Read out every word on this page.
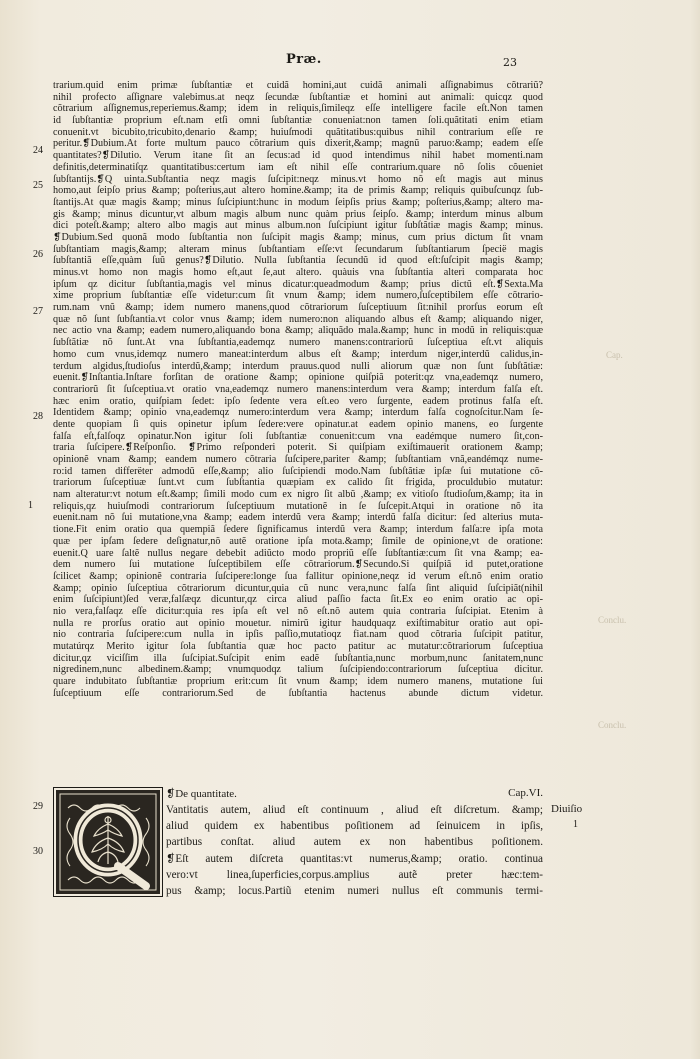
Præ.	23
24
25
26
27
28
1
29
30
Cap.
Conclu.
Conclu.
trarium.quid enim primæ ſubſtantiæ et cuidã homini,aut cuidã animali aſſignabimus cõtrariũ?
nihil profecto aſſignare valebimus.at neqz ſecundæ ſubſtantiæ et homini aut animali: quicqz quod
cõtrarium aſſignemus,reperiemus.&amp; idem in reliquis,ſimileqz eſſe intelligere facile eſt.Non tamen
id ſubſtantiæ proprium eſt.nam etſi omni ſubſtantiæ conueniat:non tamen ſoli.quãtitati enim etiam
conuenit.vt bicubito,tricubito,denario &amp; huiuſmodi quãtitatibus:quibus nihil contrarium eſſe re
peritur.❡Dubium.At forte multum pauco cõtrarium quis dixerit,&amp; magnũ paruo:&amp; eadem eſſe
quantitates?❡Dilutio. Verum itane ſit an ſecus:ad id quod intendimus nihil habet momenti.nam
definitis,determinatiſqz quantitatibus:certum iam eſt nihil eſſe contrarium.quare nõ ſolis cõueniet
ſubſtantijs.❡Q uinta.Subſtantia neqz magis ſuſcipit:neqz minus.vt homo nõ eſt magis aut minus
homo,aut ſeipſo prius &amp; poſterius,aut altero homine.&amp; ita de primis &amp; reliquis quibuſcunqz ſub-
ſtantijs.At quæ magis &amp; minus ſuſcipiunt:hunc in modum ſeipſis prius &amp; poſterius,&amp; altero ma-
gis &amp; minus dicuntur,vt album magis album nunc quàm prius ſeipſo. &amp; interdum minus album
dici poteſt.&amp; altero albo magis aut minus album.non ſuſcipiunt igitur ſubſtãtiæ magis &amp; minus.
❡Dubium.Sed quonã modo ſubſtantia non ſuſcipit magis &amp; minus, cum prius dictum ſit vnam
ſubſtantiam magis,&amp; alteram minus ſubſtantiam eſſe:vt ſecundarum ſubſtantiarum ſpecië magis
ſubſtantiã eſſe,quàm ſuũ genus?❡Dilutio. Nulla ſubſtantia ſecundũ id quod eſt:ſuſcipit magis &amp;
minus.vt homo non magis homo eſt,aut ſe,aut altero. quàuis vna ſubſtantia alteri comparata hoc
ipſum qz dicitur ſubſtantia,magis vel minus dicatur:queadmodum &amp; prius dictũ eſt.❡Sexta.Ma
xime proprium ſubſtantiæ eſſe videtur:cum ſit vnum &amp; idem numero,ſuſceptibilem eſſe cõtrario-
rum.nam vnũ &amp; idem numero manens,quod cõtrariorum ſuſceptiuum ſit:nihil prorſus eorum eſt
quæ nõ ſunt ſubſtantia.vt color vnus &amp; idem numero:non aliquando albus eſt &amp; aliquando niger,
nec actio vna &amp; eadem numero,aliquando bona &amp; aliquãdo mala.&amp; hunc in modũ in reliquis:quæ
ſubſtãtiæ nõ ſunt.At vna ſubſtantia,eademqz numero manens:contrariorũ ſuſceptiua eſt.vt aliquis
homo cum vnus,idemqz numero maneat:interdum albus eſt &amp; interdum niger,interdũ calidus,in-
terdum algidus,ſtudioſus interdũ,&amp; interdum prauus.quod nulli aliorum quæ non ſunt ſubſtãtiæ:
euenit.❡Inſtantia.Inſtare forſitan de oratione &amp; opinione quiſpiã poterit:qz vna,eademqz numero,
contrariorũ ſit ſuſceptiua.vt oratio vna,eademqz numero manens:interdum vera &amp; interdum falſa eſt.
hæc enim oratio, quiſpiam ſedet: ipſo ſedente vera eſt.eo vero ſurgente, eadem protinus falſa eſt.
Identidem &amp; opinio vna,eademqz numero:interdum vera &amp; interdum falſa cognoſcitur.Nam ſe-
dente quopiam ſi quis opinetur ipſum ſedere:vere opinatur.at eadem opinio manens, eo ſurgente
falſa eſt,falſoqz opinatur.Non igitur ſoli ſubſtantiæ conuenit:cum vna eadémque numero ſit,con-
traria ſuſcipere.❡Reſponſio. ❡Primo reſponderi poterit. Si quiſpiam exiſtimauerit orationem &amp;
opinionẽ vnam &amp; eandem numero cõtraria ſuſcipere,pariter &amp; ſubſtantiam vnã,eandémqz nume-
ro:id tamen differëter admodũ eſſe,&amp; alio ſuſcipiendi modo.Nam ſubſtãtiæ ipſæ ſui mutatione cõ-
trariorum ſuſceptiuæ ſunt.vt cum ſubſtantia quæpiam ex calido ſit frigida, proculdubio mutatur:
nam alteratur:vt notum eſt.&amp; ſimili modo cum ex nigro ſit albũ ,&amp; ex vitioſo ſtudioſum,&amp; ita in
reliquis,qz huiuſmodi contrariorum ſuſceptiuum mutationẽ in ſe ſuſcepit.Atqui in oratione nõ ita
euenit.nam nõ ſui mutatione,vna &amp; eadem interdũ vera &amp; interdũ falſa dicitur: ſed alterius muta-
tione.Fit enim oratio qua quempiã ſedere ſignificamus interdũ vera &amp; interdum falſa:re ipſa mota
quæ per ipſam ſedere deſignatur,nõ autẽ oratione ipſa mota.&amp; ſimile de opinione,vt de oratione:
euenit.Q uare ſaltẽ nullus negare debebit adiũcto modo propriũ eſſe ſubſtantiæ:cum ſit vna &amp; ea-
dem numero ſui mutatione ſuſceptibilem eſſe cõtrariorum.❡Secundo.Si quiſpiã id putet,oratione
ſcilicet &amp; opinionẽ contraria ſuſcipere:longe ſua fallitur opinione,neqz id verum eſt.nõ enim oratio
&amp; opinio ſuſceptiua cõtrariorum dicuntur,quia cũ nunc vera,nunc falſa ſint aliquid ſuſcipiãt(nihil
enim ſuſcipiunt)ſed veræ,falſæqz dicuntur,qz circa aliud paſſio facta ſit.Ex eo enim oratio ac opi-
nio vera,falſaqz eſſe dicitur:quia res ipſa eſt vel nõ eſt.nõ autem quia contraria ſuſcipiat. Etenim à
nulla re prorſus oratio aut opinio mouetur. nimirũ igitur haudquaqz exiſtimabitur oratio aut opi-
nio contraria ſuſcipere:cum nulla in ipſis paſſio,mutatioqz fiat.nam quod cõtraria ſuſcipit patitur,
mutatúrqz Merito igitur ſola ſubſtantia quæ hoc pacto patitur ac mutatur:cõtrariorum ſuſceptiua
dicitur,qz viciſſim illa ſuſcipiat.Suſcipit enim eadẽ ſubſtantia,nunc morbum,nunc ſanitatem,nunc
nigredinem,nunc albedinem.&amp; vnumquodqz talium ſuſcipiendo:contrariorum ſuſceptiua dicitur.
quare indubitato ſubſtantiæ proprium erit:cum ſit vnum &amp; idem numero manens, mutatione ſui
ſuſceptiuum eſſe contrariorum.Sed de ſubſtantia hactenus abunde dictum videtur.
❡De quantitate.	Cap.VI.
Vantitatis autem, aliud eſt continuum , aliud eſt diſcretum. &amp;
aliud quidem ex habentibus poſitionem ad ſeinuicem in ipſis,
partibus conſtat. aliud autem ex non habentibus poſitionem.
❡Eſt autem diſcreta quantitas:vt numerus,&amp; oratio. continua
vero:vt linea,ſuperficies,corpus.amplius autẽ preter hæc:tem-
pus &amp; locus.Partiũ etenim numeri nullus eſt communis termi-
Diuiſio
1
